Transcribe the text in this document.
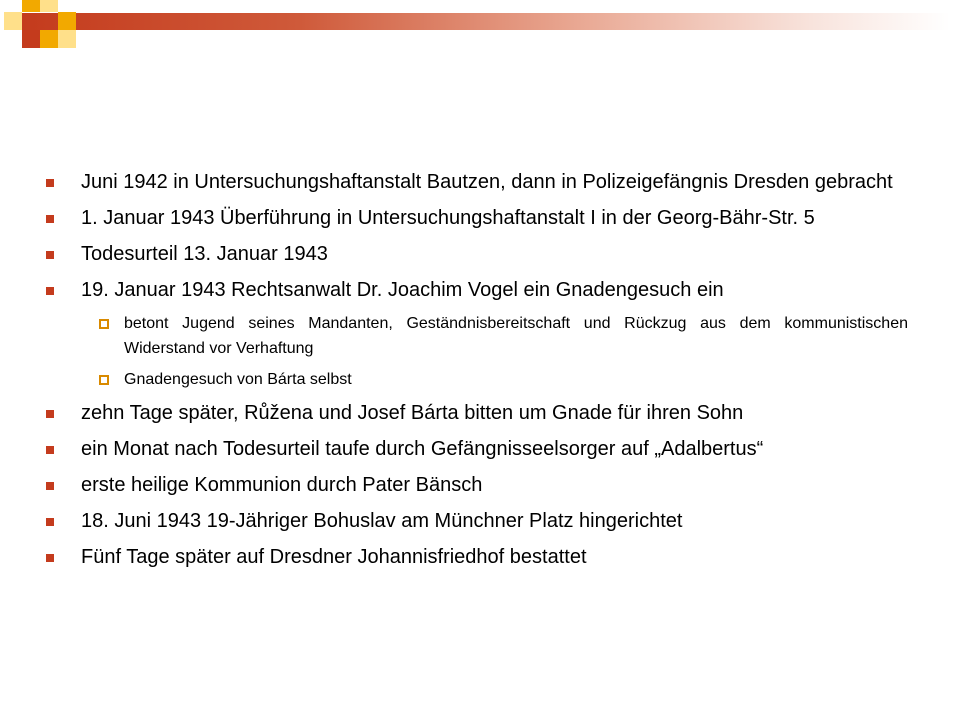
Juni 1942 in Untersuchungshaftanstalt Bautzen, dann in Polizeigefängnis Dresden gebracht
1. Januar 1943 Überführung in Untersuchungshaftanstalt I in der Georg-Bähr-Str. 5
Todesurteil 13. Januar 1943
19. Januar 1943 Rechtsanwalt Dr. Joachim Vogel ein Gnadengesuch ein
betont Jugend seines Mandanten, Geständnisbereitschaft und Rückzug aus dem kommunistischen Widerstand vor Verhaftung
Gnadengesuch von Bárta selbst
zehn Tage später, Růžena und Josef Bárta bitten um Gnade für ihren Sohn
ein Monat nach Todesurteil taufe durch Gefängnisseelsorger auf „Adalbertus“
erste heilige Kommunion durch Pater Bänsch
18. Juni 1943 19-Jähriger Bohuslav am Münchner Platz hingerichtet
Fünf Tage später auf Dresdner Johannisfriedhof bestattet
